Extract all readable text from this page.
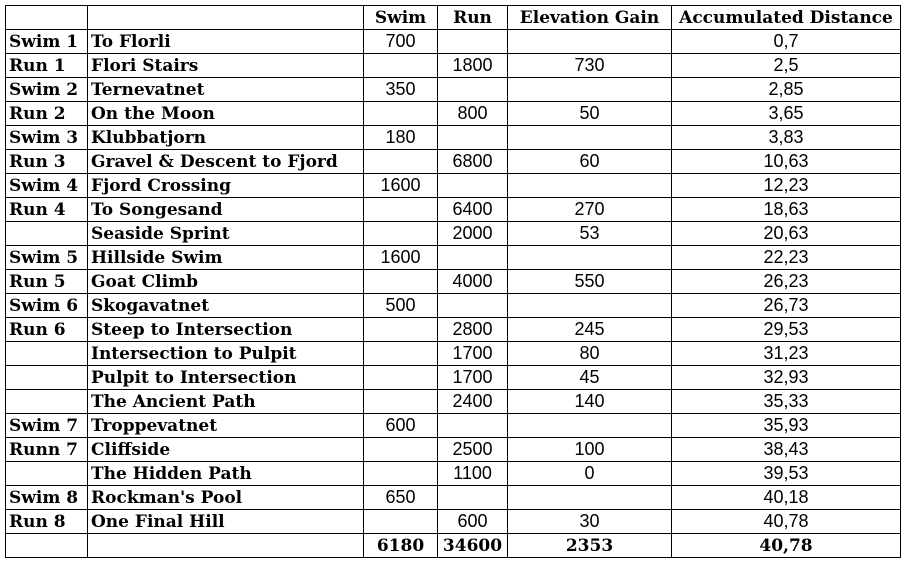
		Swim	Run	Elevation Gain	Accumulated Distance
Swim 1	To Florli	700			0,7
Run 1	Flori Stairs		1800	730	2,5
Swim 2	Ternevatnet	350			2,85
Run 2	On the Moon		800	50	3,65
Swim 3	Klubbatjorn	180			3,83
Run 3	Gravel & Descent to Fjord		6800	60	10,63
Swim 4	Fjord Crossing	1600			12,23
Run 4	To Songesand		6400	270	18,63
	Seaside Sprint		2000	53	20,63
Swim 5	Hillside Swim	1600			22,23
Run 5	Goat Climb		4000	550	26,23
Swim 6	Skogavatnet	500			26,73
Run 6	Steep to Intersection		2800	245	29,53
	Intersection to Pulpit		1700	80	31,23
	Pulpit to Intersection		1700	45	32,93
	The Ancient Path		2400	140	35,33
Swim 7	Troppevatnet	600			35,93
Runn 7	Cliffside		2500	100	38,43
	The Hidden Path		1100	0	39,53
Swim 8	Rockman's Pool	650			40,18
Run 8	One Final Hill		600	30	40,78
		6180	34600	2353	40,78
